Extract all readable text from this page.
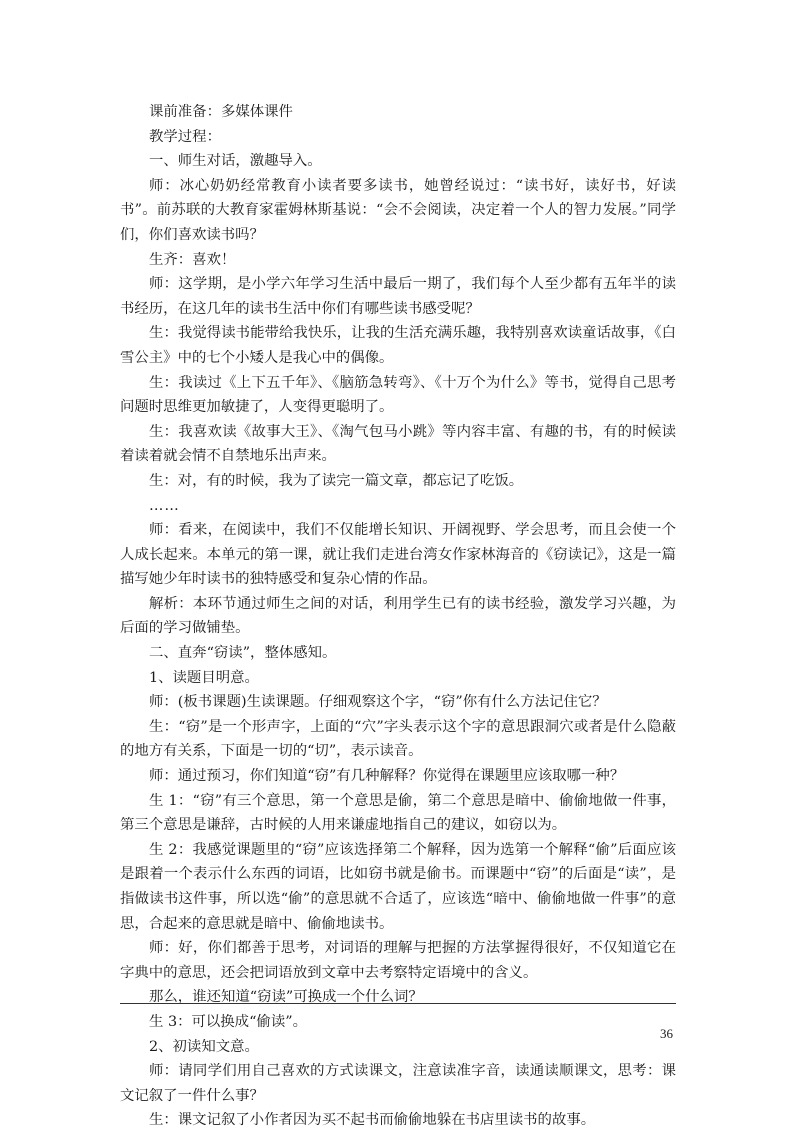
课前准备：多媒体课件

教学过程：

一、师生对话，激趣导入。

师：冰心奶奶经常教育小读者要多读书，她曾经说过：“读书好，读好书，好读书”。前苏联的大教育家霍姆林斯基说：“会不会阅读，决定着一个人的智力发展。”同学们，你们喜欢读书吗？

生齐：喜欢！

师：这学期，是小学六年学习生活中最后一期了，我们每个人至少都有五年半的读书经历，在这几年的读书生活中你们有哪些读书感受呢？

生：我觉得读书能带给我快乐，让我的生活充满乐趣，我特别喜欢读童话故事，《白雪公主》中的七个小矮人是我心中的偶像。

生：我读过《上下五千年》、《脑筋急转弯》、《十万个为什么》等书，觉得自己思考问题时思维更加敏捷了，人变得更聪明了。

生：我喜欢读《故事大王》、《淘气包马小跳》等内容丰富、有趣的书，有的时候读着读着就会情不自禁地乐出声来。

生：对，有的时候，我为了读完一篇文章，都忘记了吃饭。

……

师：看来，在阅读中，我们不仅能增长知识、开阔视野、学会思考，而且会使一个人成长起来。本单元的第一课，就让我们走进台湾女作家林海音的《窃读记》，这是一篇描写她少年时读书的独特感受和复杂心情的作品。

解析：本环节通过师生之间的对话，利用学生已有的读书经验，激发学习兴趣，为后面的学习做铺垫。

二、直奔“窃读”，整体感知。

1、读题目明意。

师：(板书课题)生读课题。仔细观察这个字，“窃”你有什么方法记住它？

生：“窃”是一个形声字，上面的“穴”字头表示这个字的意思跟洞穴或者是什么隐蔽的地方有关系，下面是一切的“切”，表示读音。

师：通过预习，你们知道“窃”有几种解释？你觉得在课题里应该取哪一种？

生 1：“窃”有三个意思，第一个意思是偷，第二个意思是暗中、偷偷地做一件事，第三个意思是谦辞，古时候的人用来谦虚地指自己的建议，如窃以为。

生 2：我感觉课题里的“窃”应该选择第二个解释，因为选第一个解释“偷”后面应该是跟着一个表示什么东西的词语，比如窃书就是偷书。而课题中“窃”的后面是“读”，是指做读书这件事，所以选“偷”的意思就不合适了，应该选“暗中、偷偷地做一件事”的意思，合起来的意思就是暗中、偷偷地读书。

师：好，你们都善于思考，对词语的理解与把握的方法掌握得很好，不仅知道它在字典中的意思，还会把词语放到文章中去考察特定语境中的含义。

那么，谁还知道“窃读”可换成一个什么词？

生 3：可以换成“偷读”。

2、初读知文意。

师：请同学们用自己喜欢的方式读课文，注意读准字音，读通读顺课文，思考：课文记叙了一件什么事？

生：课文记叙了小作者因为买不起书而偷偷地躲在书店里读书的故事。

36
